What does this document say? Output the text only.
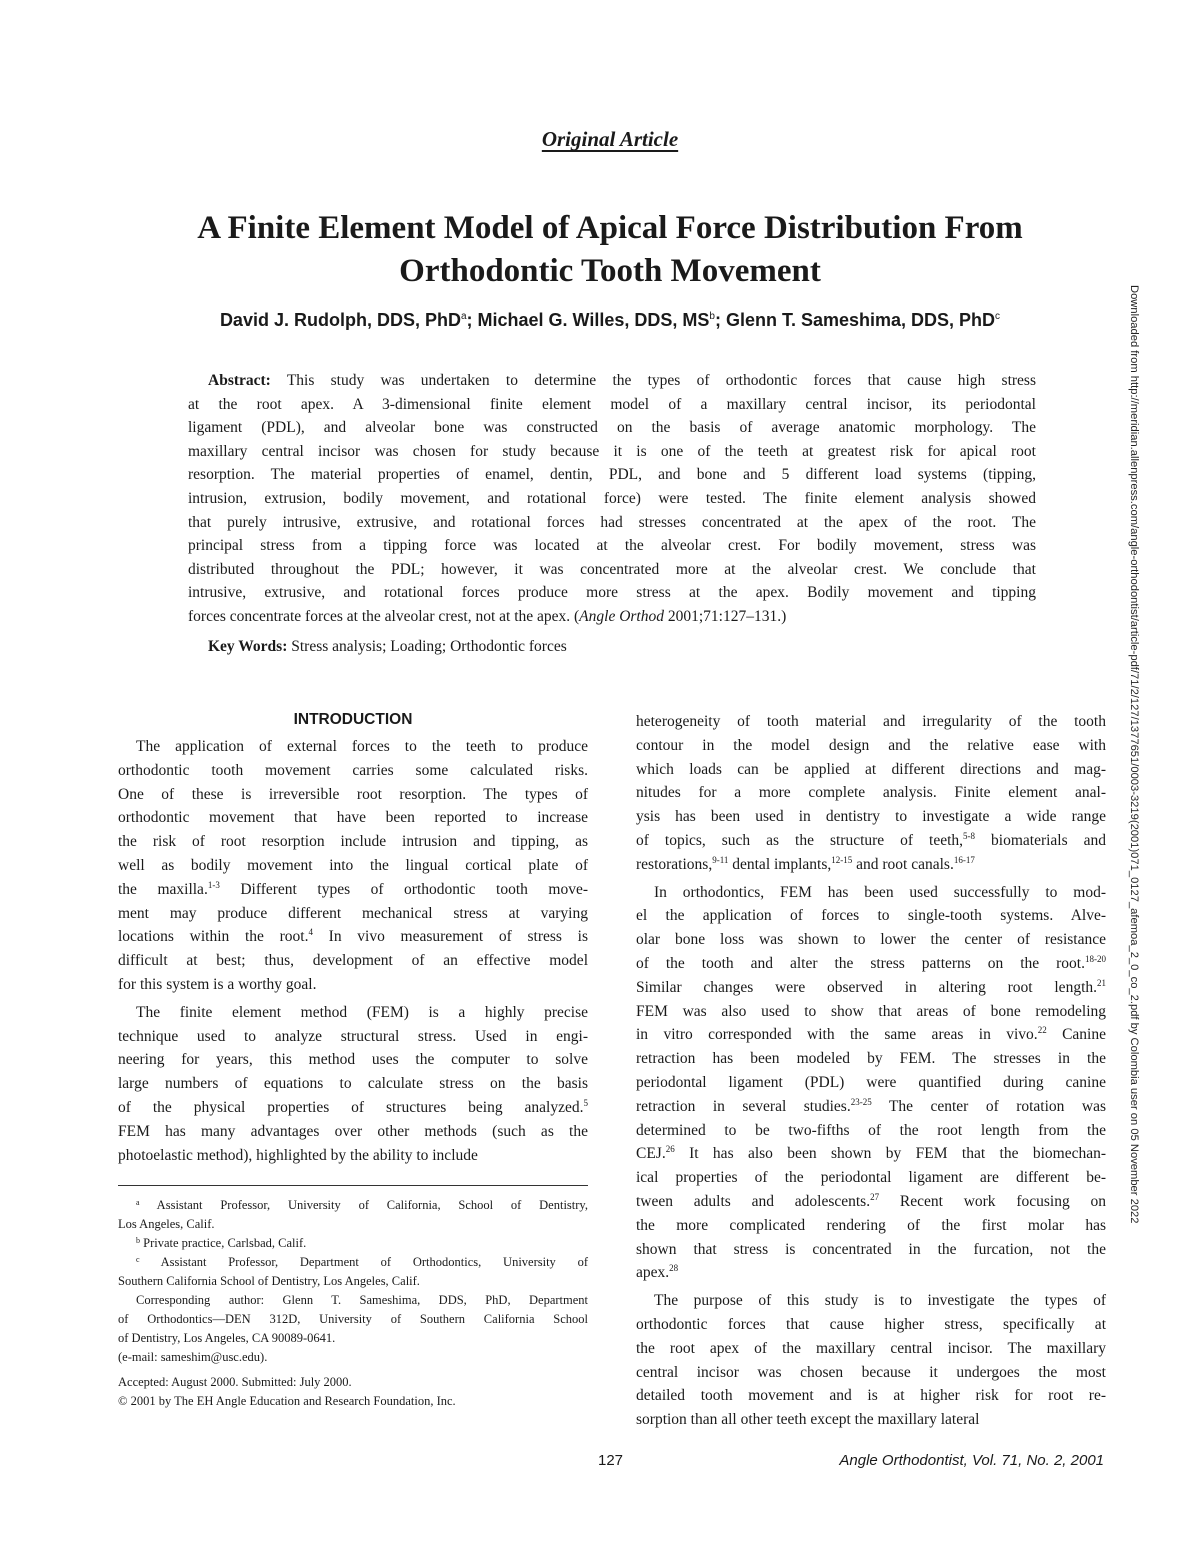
Original Article
A Finite Element Model of Apical Force Distribution From
Orthodontic Tooth Movement
David J. Rudolph, DDS, PhD$^a$; Michael G. Willes, DDS, $MS^b$; Glenn T. Sameshima, DDS, PhD$^c$
Abstract: This study was undertaken to determine the types of orthodontic forces that cause high stress
at the root apex. A 3-dimensional finite element model of a maxillary central incisor, its periodontal
ligament (PDL), and alveolar bone was constructed on the basis of average anatomic morphology. The
maxillary central incisor was chosen for study because it is one of the teeth at greatest risk for apical root
resorption. The material properties of enamel, dentin, PDL, and bone and 5 different load systems (tipping,
intrusion, extrusion, bodily movement, and rotational force) were tested. The finite element analysis showed
that purely intrusive, extrusive, and rotational forces had stresses concentrated at the apex of the root. The
principal stress from a tipping force was located at the alveolar crest. For bodily movement, stress was
distributed throughout the PDL; however, it was concentrated more at the alveolar crest. We conclude that
intrusive, extrusive, and rotational forces produce more stress at the apex. Bodily movement and tipping
forces concentrate forces at the alveolar crest, not at the apex. (Angle Orthod 2001;71:127–131.)
Key Words: Stress analysis; Loading; Orthodontic forces
INTRODUCTION
The application of external forces to the teeth to produce
orthodontic tooth movement carries some calculated risks.
One of these is irreversible root resorption. The types of
orthodontic movement that have been reported to increase
the risk of root resorption include intrusion and tipping, as
well as bodily movement into the lingual cortical plate of
the maxilla.$^{1-3}$ Different types of orthodontic tooth move-
ment may produce different mechanical stress at varying
locations within the root.$^4$ In vivo measurement of stress is
difficult at best; thus, development of an effective model
for this system is a worthy goal.
The finite element method (FEM) is a highly precise
technique used to analyze structural stress. Used in engi-
neering for years, this method uses the computer to solve
large numbers of equations to calculate stress on the basis
of the physical properties of structures being analyzed.$^5$
FEM has many advantages over other methods (such as the
photoelastic method), highlighted by the ability to include
heterogeneity of tooth material and irregularity of the tooth
contour in the model design and the relative ease with
which loads can be applied at different directions and mag-
nitudes for a more complete analysis. Finite element anal-
ysis has been used in dentistry to investigate a wide range
of topics, such as the structure of teeth,$^{5-8}$ biomaterials and
restorations,$^{9-11}$ dental implants,$^{12-15}$ and root canals.$^{16-17}$
In orthodontics, FEM has been used successfully to mod-
el the application of forces to single-tooth systems. Alve-
olar bone loss was shown to lower the center of resistance
of the tooth and alter the stress patterns on the root.$^{18-20}$
Similar changes were observed in altering root length.$^{21}$
FEM was also used to show that areas of bone remodeling
in vitro corresponded with the same areas in vivo.$^{22}$ Canine
retraction has been modeled by FEM. The stresses in the
periodontal ligament (PDL) were quantified during canine
retraction in several studies.$^{23-25}$ The center of rotation was
determined to be two-fifths of the root length from the
CEJ.$^{26}$ It has also been shown by FEM that the biomechan-
ical properties of the periodontal ligament are different be-
tween adults and adolescents.$^{27}$ Recent work focusing on
the more complicated rendering of the first molar has
shown that stress is concentrated in the furcation, not the
apex.$^{28}$
The purpose of this study is to investigate the types of
orthodontic forces that cause higher stress, specifically at
the root apex of the maxillary central incisor. The maxillary
central incisor was chosen because it undergoes the most
detailed tooth movement and is at higher risk for root re-
sorption than all other teeth except the maxillary lateral
$^a$ Assistant Professor, University of California, School of Dentistry,
Los Angeles, Calif.
$^b$ Private practice, Carlsbad, Calif.
$^c$ Assistant Professor, Department of Orthodontics, University of
Southern California School of Dentistry, Los Angeles, Calif.
Corresponding author: Glenn T. Sameshima, DDS, PhD, Department
of Orthodontics—DEN 312D, University of Southern California School
of Dentistry, Los Angeles, CA 90089-0641.
(e-mail: sameshim@usc.edu).
Accepted: August 2000. Submitted: July 2000.
© 2001 by The EH Angle Education and Research Foundation, Inc.
127	Angle Orthodontist, Vol. 71, No. 2, 2001
Downloaded from http://meridian.allenpress.com/angle-orthodontist/article-pdf/71/2/127/1377651/0003-3219(2001)071_0127_afemoa_2_0_co_2.pdf by Colombia user on 05 November 2022
